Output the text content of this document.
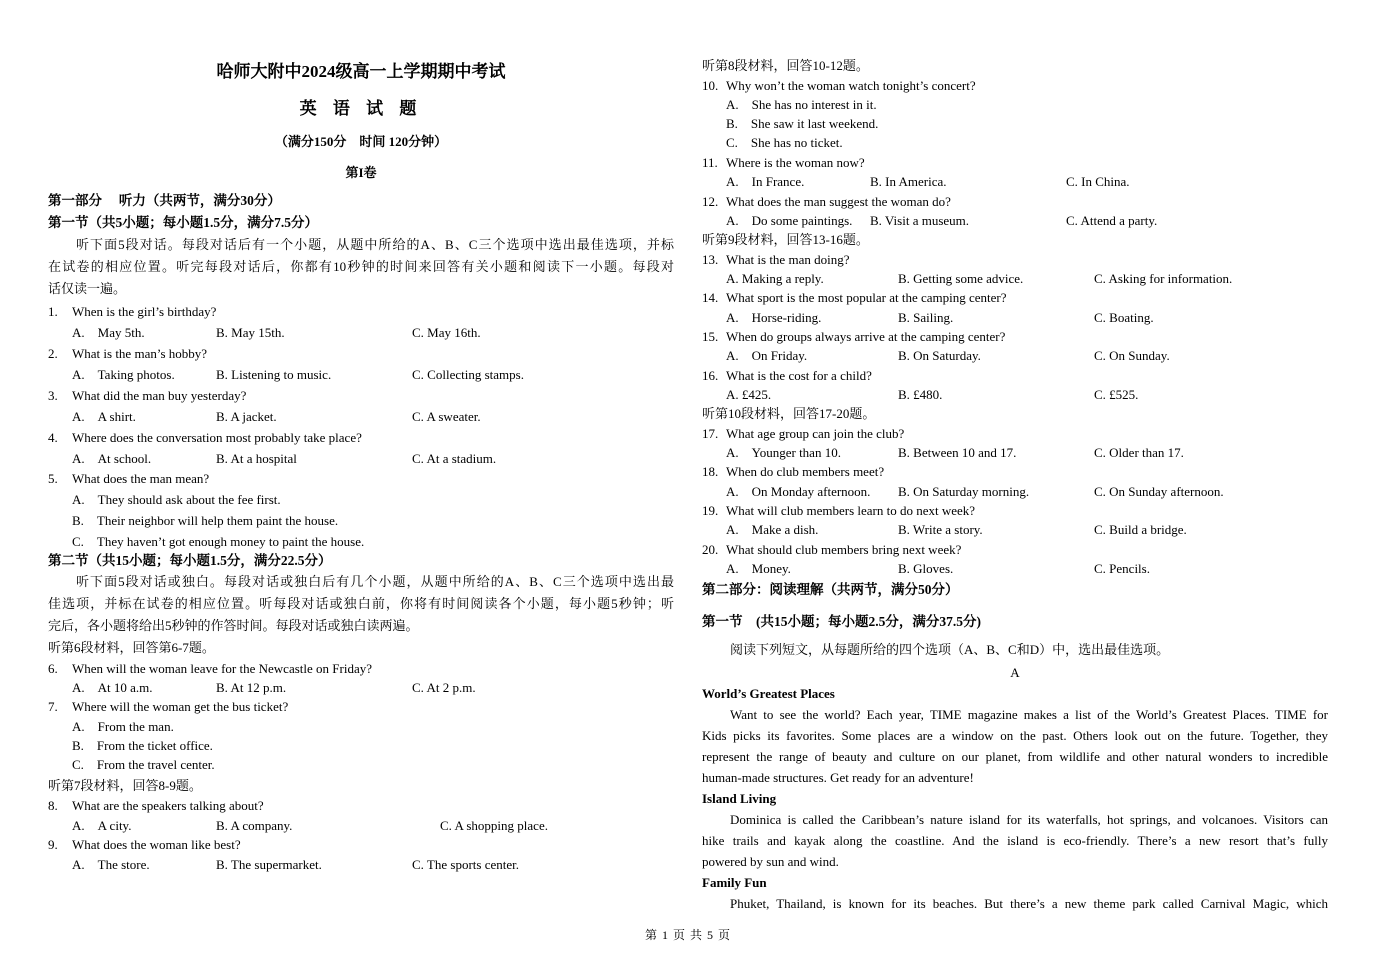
哈师大附中2024级高一上学期期中考试
英 语 试 题
（满分150分　时间 120分钟）
第I卷
第一部分　 听力（共两节，满分30分）
第一节（共5小题；每小题1.5分，满分7.5分）
听下面5段对话。每段对话后有一个小题，从题中所给的A、B、C三个选项中选出最佳选项，并标
在试卷的相应位置。听完每段对话后，你都有10秒钟的时间来回答有关小题和阅读下一小题。每段对
话仅读一遍。
1. When is the girl’s birthday?
A.　May 5th.	B. May 15th.	C. May 16th.
2. What is the man’s hobby?
A.　Taking photos.	B. Listening to music.	C. Collecting stamps.
3. What did the man buy yesterday?
A.　A shirt.	B. A jacket.	C. A sweater.
4. Where does the conversation most probably take place?
A.　At school.	B. At a hospital	C. At a stadium.
5. What does the man mean?
A.　They should ask about the fee first.
B.　Their neighbor will help them paint the house.
C.　They haven’t got enough money to paint the house.
第二节（共15小题；每小题1.5分，满分22.5分）
听下面5段对话或独白。每段对话或独白后有几个小题，从题中所给的A、B、C三个选项中选出最
佳选项，并标在试卷的相应位置。听每段对话或独白前，你将有时间阅读各个小题，每小题5秒钟；听
完后，各小题将给出5秒钟的作答时间。每段对话或独白读两遍。
听第6段材料，回答第6-7题。
6. When will the woman leave for the Newcastle on Friday?
A.　At 10 a.m.	B. At 12 p.m.	C. At 2 p.m.
7. Where will the woman get the bus ticket?
A.　From the man.
B.　From the ticket office.
C.　From the travel center.
听第7段材料，回答8-9题。
8. What are the speakers talking about?
A.　A city.	B. A company.	C. A shopping place.
9. What does the woman like best?
A.　The store.	B. The supermarket.	C. The sports center.
听第8段材料，回答10-12题。
10. Why won’t the woman watch tonight’s concert?
A.　She has no interest in it.
B.　She saw it last weekend.
C.　She has no ticket.
11. Where is the woman now?
A.　In France.	B. In America.	C. In China.
12. What does the man suggest the woman do?
A.　Do some paintings. B. Visit a museum.	C. Attend a party.
听第9段材料，回答13-16题。
13. What is the man doing?
A. Making a reply.	B. Getting some advice.	C. Asking for information.
14. What sport is the most popular at the camping center?
A.　Horse-riding.	B. Sailing.	C. Boating.
15. When do groups always arrive at the camping center?
A.　On Friday.	B. On Saturday.	C. On Sunday.
16. What is the cost for a child?
A. £425.	B. £480.	C. £525.
听第10段材料，回答17-20题。
17. What age group can join the club?
A.　Younger than 10.	B. Between 10 and 17.	C. Older than 17.
18. When do club members meet?
A.　On Monday afternoon. B. On Saturday morning.	C. On Sunday afternoon.
19. What will club members learn to do next week?
A.　Make a dish.	B. Write a story.	C. Build a bridge.
20. What should club members bring next week?
A.　Money.	B. Gloves.	C. Pencils.
第二部分：阅读理解（共两节，满分50分）
第一节　(共15小题；每小题2.5分，满分37.5分)
阅读下列短文，从每题所给的四个选项（A、B、C和D）中，选出最佳选项。
A
World’s Greatest Places
Want to see the world? Each year, TIME magazine makes a list of the World’s Greatest Places. TIME for
Kids picks its favorites. Some places are a window on the past. Others look out on the future. Together, they
represent the range of beauty and culture on our planet, from wildlife and other natural wonders to incredible
human-made structures. Get ready for an adventure!
Island Living
Dominica is called the Caribbean’s nature island for its waterfalls, hot springs, and volcanoes. Visitors can
hike trails and kayak along the coastline. And the island is eco-friendly. There’s a new resort that’s fully
powered by sun and wind.
Family Fun
Phuket, Thailand, is known for its beaches. But there’s a new theme park called Carnival Magic, which
第 1 页 共 5 页
